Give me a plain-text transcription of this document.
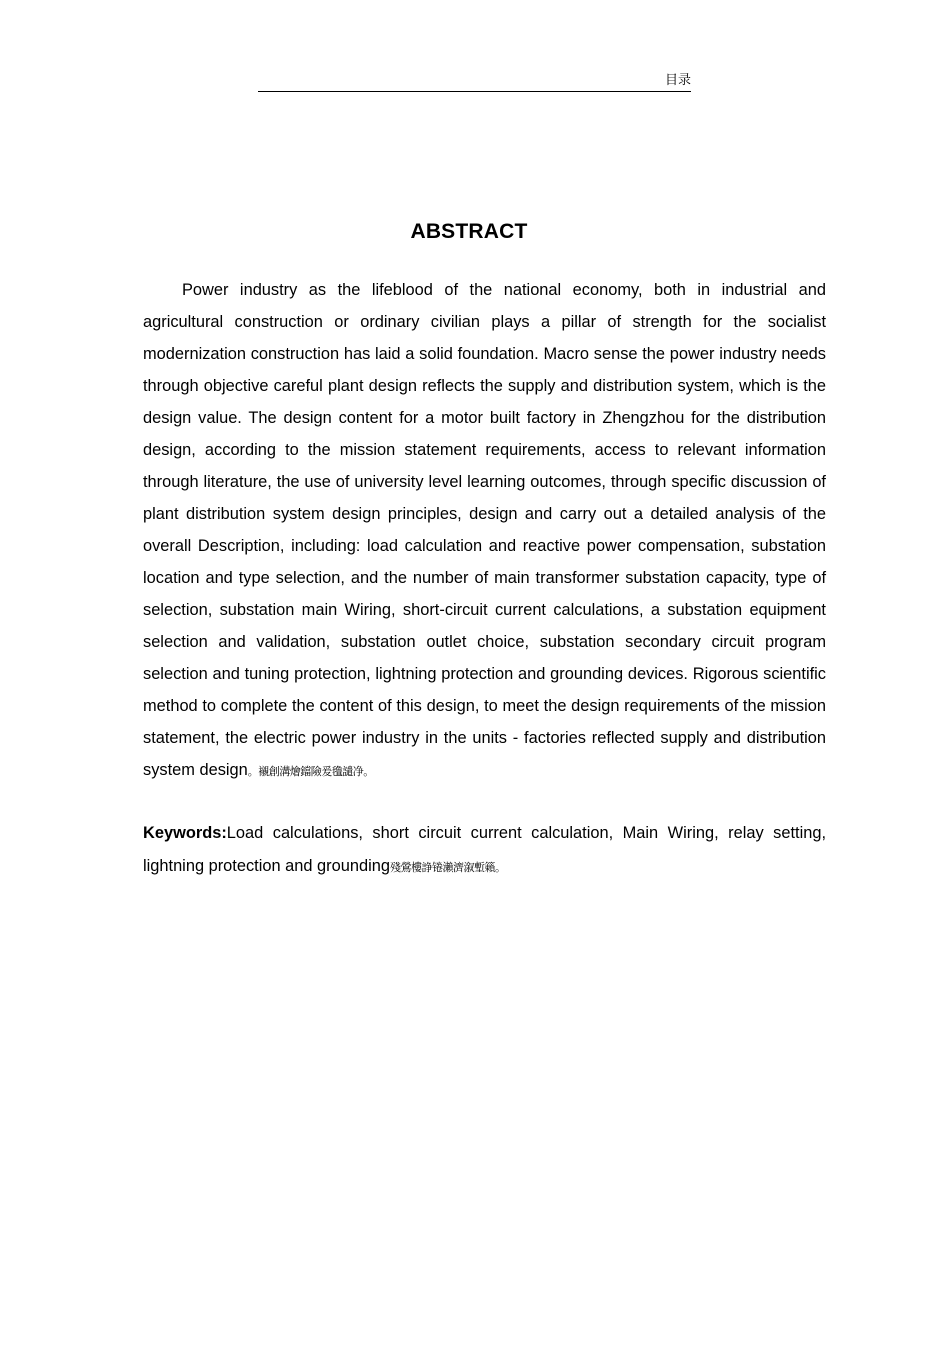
目录
ABSTRACT

Power industry as the lifeblood of the national economy, both in industrial and agricultural construction or ordinary civilian plays a pillar of strength for the socialist modernization construction has laid a solid foundation. Macro sense the power industry needs through objective careful plant design reflects the supply and distribution system, which is the design value. The design content for a motor built factory in Zhengzhou for the distribution design, according to the mission statement requirements, access to relevant information through literature, the use of university level learning outcomes, through specific discussion of plant distribution system design principles, design and carry out a detailed analysis of the overall Description, including: load calculation and reactive power compensation, substation location and type selection, and the number of main transformer substation capacity, type of selection, substation main Wiring, short-circuit current calculations, a substation equipment selection and validation, substation outlet choice, substation secondary circuit program selection and tuning protection, lightning protection and grounding devices. Rigorous scientific method to complete the content of this design, to meet the design requirements of the mission statement, the electric power industry in the units - factories reflected supply and distribution system design。襯創溝燴鐺險爰氇譴净。

Keywords:Load calculations, short circuit current calculation, Main Wiring, relay setting, lightning protection and grounding殘鶯樓諍锩瀨濟溆塹籟。
